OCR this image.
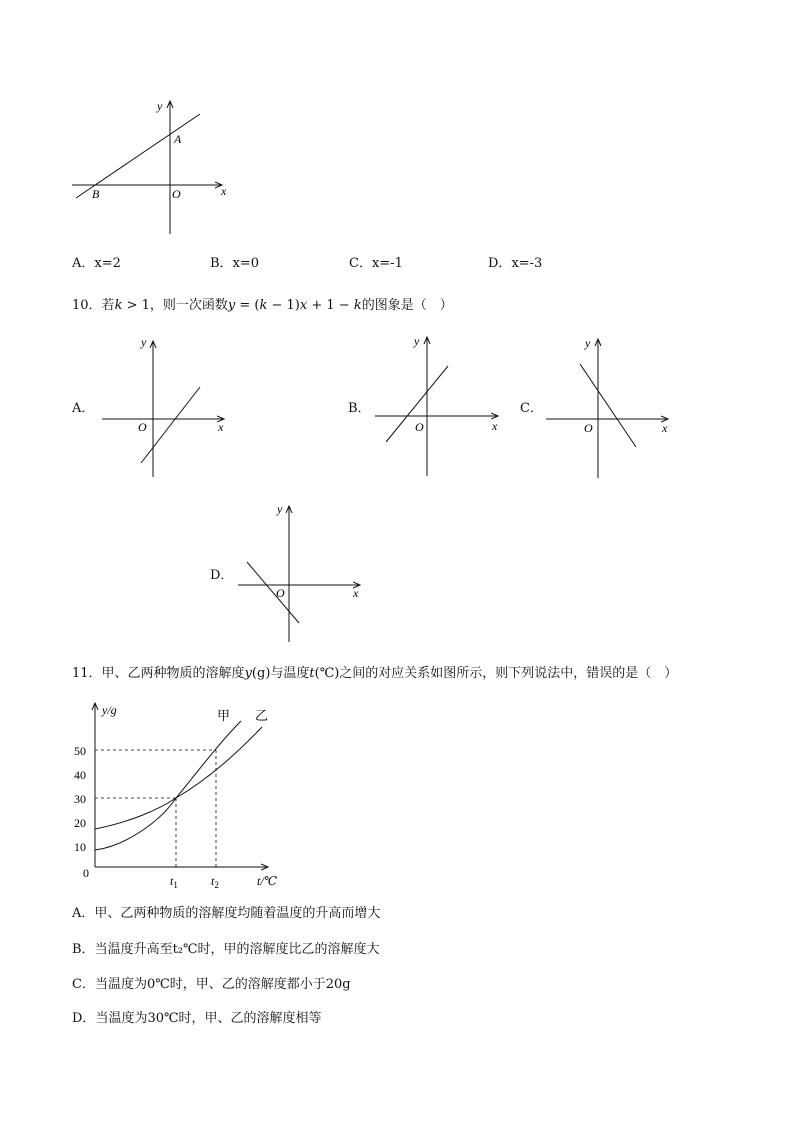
y
x
A
B	O
A．x=2	B．x=0	C．x=-1	D．x=-3
10．若k > 1，则一次函数y = (k − 1)x + 1 − k的图象是（　）
A．	B．	C．
D．
y
x
O
y
x
O
y
x
O
y
x
O
11．甲、乙两种物质的溶解度y(g)与温度t(℃)之间的对应关系如图所示，则下列说法中，错误的是（　）
50
40
30
20
10
0
y/g
t/℃
$t_1$	$t_2$
甲 乙
A．甲、乙两种物质的溶解度均随着温度的升高而增大
B．当温度升高至t₂℃时，甲的溶解度比乙的溶解度大
C．当温度为0℃时，甲、乙的溶解度都小于20g
D．当温度为30℃时，甲、乙的溶解度相等
